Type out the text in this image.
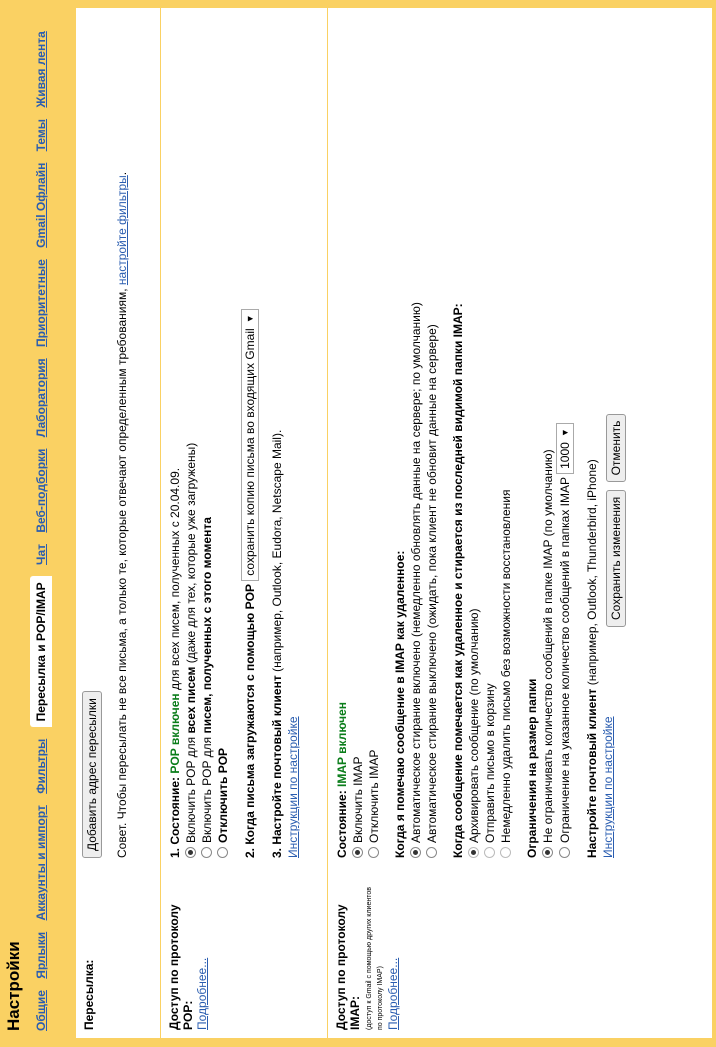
Настройки Общие Ярлыки Аккаунты и импорт Фильтры Пересылка и POP/IMAP Чат Веб-подборки Лаборатория Приоритетные Gmail Офлайн Темы Живая лента
Пересылка:
Добавить адрес пересылки Совет. Чтобы пересылать не все письма, а только те, которые отвечают определенным требованиям, настройте фильтры.
Доступ по протоколу POP:
Подробнее...
1. Состояние: POP включен для всех писем, полученных с 20.04.09.
Включить POP для всех писем (даже для тех, которые уже загружены)
Включить POP для писем, полученных с этого момента
Отключить POP 2. Когда письма загружаются с помощью POP сохранить копию письма во входящих Gmail
▼
3. Настройте почтовый клиент (например, Outlook, Eudora, Netscape Mail).
Инструкции по настройке
Доступ по протоколу IMAP: (доступ к Gmail с помощью других клиентов по протоколу IMAP) Подробнее...
Состояние: IMAP включен
Включить IMAP Отключить IMAP Когда я помечаю сообщение в IMAP как удаленное: Автоматическое стирание включено (немедленно обновлять данные на сервере; по умолчанию) Автоматическое стирание выключено (ожидать, пока клиент не обновит данные на сервере) Когда сообщение помечается как удаленное и стирается из последней видимой папки IMAP: Архивировать сообщение (по умолчанию) Отправить письмо в корзину Немедленно удалить письмо без возможности восстановления Ограничения на размер папки Не ограничивать количество сообщений в папке IMAP (по умолчанию) Ограничение на указанное количество сообщений в папках IMAP 1000
▼
Настройте почтовый клиент (например, Outlook, Thunderbird, iPhone)
Инструкции по настройке
Сохранить изменения Отменить
